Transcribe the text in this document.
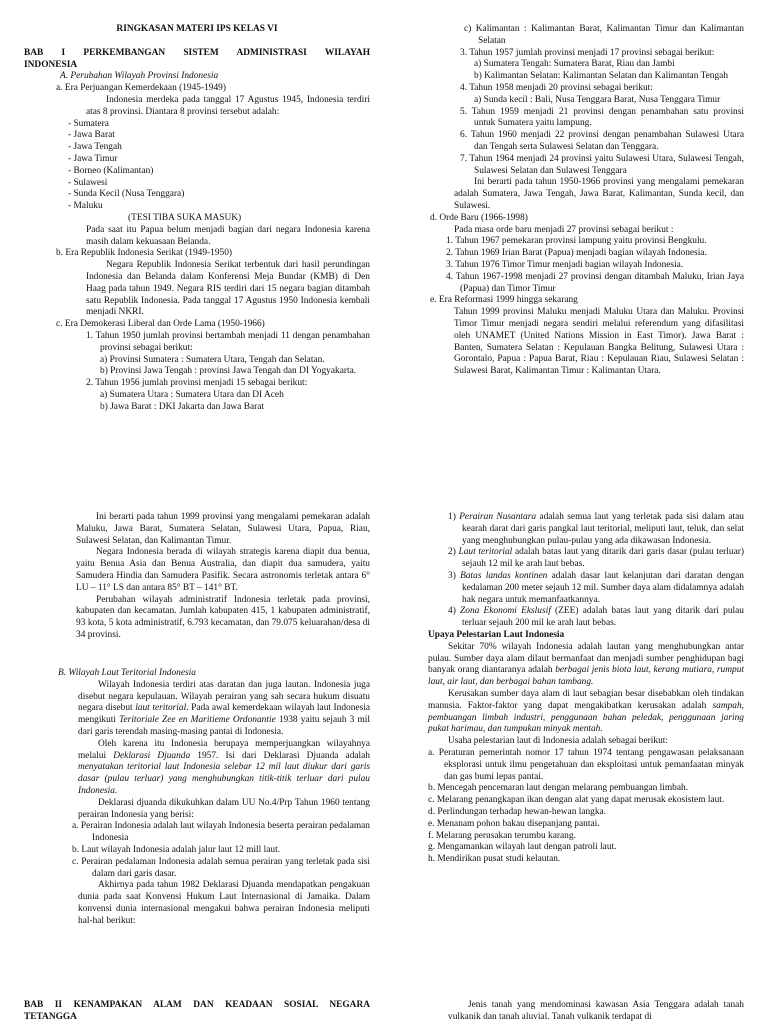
RINGKASAN MATERI IPS KELAS VI

BAB I PERKEMBANGAN SISTEM ADMINISTRASI WILAYAH

INDONESIA

A. Perubahan Wilayah Provinsi Indonesia

a. Era Perjuangan Kemerdekaan (1945-1949)

Indonesia merdeka pada tanggal 17 Agustus 1945, Indonesia terdiri atas 8 provinsi. Diantara 8 provinsi tersebut adalah:

- Sumatera

- Jawa Barat

- Jawa Tengah

- Jawa Timur

- Borneo (Kalimantan)

- Sulawesi

- Sunda Kecil (Nusa Tenggara)

- Maluku

(TESI TIBA SUKA MASUK)

Pada saat itu Papua belum menjadi bagian dari negara Indonesia karena masih dalam kekuasaan Belanda.

b. Era Republik Indonesia Serikat (1949-1950)

Negara Republik Indonesia Serikat terbentuk dari hasil perundingan Indonesia dan Belanda dalam Konferensi Meja Bundar (KMB) di Den Haag pada tahun 1949. Negara RIS terdiri dari 15 negara bagian ditambah satu Republik Indonesia. Pada tanggal 17 Agustus 1950 Indonesia kembali menjadi NKRI.

c. Era Demokerasi Liberal dan Orde Lama (1950-1966)

1. Tahun 1950 jumlah provinsi bertambah menjadi 11 dengan penambahan provinsi sebagai berikut:

a) Provinsi Sumatera : Sumatera Utara, Tengah dan Selatan.

b) Provinsi Jawa Tengah : provinsi Jawa Tengah dan DI Yogyakarta.

2. Tahun 1956 jumlah provinsi menjadi 15 sebagai berikut:

a) Sumatera Utara : Sumatera Utara dan DI Aceh

b) Jawa Barat : DKI Jakarta dan Jawa Barat

c) Kalimantan : Kalimantan Barat, Kalimantan Timur dan Kalimantan Selatan

3. Tahun 1957 jumlah provinsi menjadi 17 provinsi sebagai berikut:

a) Sumatera Tengah: Sumatera Barat, Riau dan Jambi

b) Kalimantan Selatan: Kalimantan Selatan dan Kalimantan Tengah

4. Tahun 1958 menjadi 20 provinsi sebagai berikut:

a) Sunda kecil : Bali, Nusa Tenggara Barat, Nusa Tenggara Timur

5. Tahun 1959 menjadi 21 provinsi dengan penambahan satu provinsi untuk Sumatera yaitu lampung.

6. Tahun 1960 menjadi 22 provinsi dengan penambahan Sulawesi Utara dan Tengah serta Sulawesi Selatan dan Tenggara.

7. Tahun 1964 menjadi 24 provinsi yaitu Sulawesi Utara, Sulawesi Tengah, Sulawesi Selatan dan Sulawesi Tenggara

Ini berarti pada tahun 1950-1966 provinsi yang mengalami pemekaran adalah Sumatera, Jawa Tengah, Jawa Barat, Kalimantan, Sunda kecil, dan Sulawesi.

d. Orde Baru (1966-1998)

Pada masa orde baru menjadi 27 provinsi sebagai berikut :

1. Tahun 1967 pemekaran provinsi lampung yaitu provinsi Bengkulu.

2. Tahun 1969 Irian Barat (Papua) menjadi bagian wilayah Indonesia.

3. Tahun 1976 Timor Timur menjadi bagian wilayah Indonesia.

4. Tahun 1967-1998 menjadi 27 provinsi dengan ditambah Maluku, Irian Jaya (Papua) dan Timor Timur

e. Era Reformasi 1999 hingga sekarang

Tahun 1999 provinsi Maluku menjadi Maluku Utara dan Maluku. Provinsi Timor Timur menjadi negara sendiri melalui referendum yang difasilitasi oleh UNAMET (United Nations Mission in East Timor). Jawa Barat : Banten, Sumatera Selatan : Kepulauan Bangka Belitung, Sulawesi Utara : Gorontalo, Papua : Papua Barat, Riau : Kepulauan Riau, Sulawesi Selatan : Sulawesi Barat, Kalimantan Timur : Kalimantan Utara.

Ini berarti pada tahun 1999 provinsi yang mengalami pemekaran adalah Maluku, Jawa Barat, Sumatera Selatan, Sulawesi Utara, Papua, Riau, Sulawesi Selatan, dan Kalimantan Timur.

Negara Indonesia berada di wilayah strategis karena diapit dua benua, yaitu Benua Asia dan Benua Australia, dan diapit dua samudera, yaitu Samudera Hindia dan Samudera Pasifik. Secara astronomis terletak antara 6° LU – 11° LS dan antara 85° BT – 141° BT.

Perubahan wilayah administratif Indonesia terletak pada provinsi, kabupaten dan kecamatan. Jumlah kabupaten 415, 1 kabupaten administratif, 93 kota, 5 kota administratif, 6.793 kecamatan, dan 79.075 keluarahan/desa di 34 provinsi.

B. Wilayah Laut Teritorial Indonesia

Wilayah Indonesia terdiri atas daratan dan juga lautan. Indonesia juga disebut negara kepulauan. Wilayah perairan yang sah secara hukum disuatu negara disebut laut teritorial. Pada awal kemerdekaan wilayah laut Indonesia mengikuti Teritoriale Zee en Maritieme Ordonantie 1938 yaitu sejauh 3 mil dari garis terendah masing-masing pantai di Indonesia.

Oleh karena itu Indonesia berupaya memperjuangkan wilayahnya melalui Deklarasi Djuanda 1957. Isi dari Deklarasi Djuanda adalah menyatakan teritorial laut Indonesia selebar 12 mil laut diukur dari garis dasar (pulau terluar) yang menghubungkan titik-titik terluar dari pulau Indonesia.

Deklarasi djuanda dikukuhkan dalam UU No.4/Prp Tahun 1960 tentang perairan Indonesia yang berisi:

a. Perairan Indonesia adalah laut wilayah Indonesia beserta perairan pedalaman Indonesia

b. Laut wilayah Indonesia adalah jalur laut 12 mill laut.

c. Perairan pedalaman Indonesia adalah semua perairan yang terletak pada sisi dalam dari garis dasar.

Akhirnya pada tahun 1982 Deklarasi Djuanda mendapatkan pengakuan dunia pada saat Konvensi Hukum Laut Internasional di Jamaika. Dalam konvensi dunia internasional mengakui bahwa perairan Indonesia meliputi hal-hal berikut:

1) Perairan Nusantara adalah semua laut yang terletak pada sisi dalam atau kearah darat dari garis pangkal laut teritorial, meliputi laut, teluk, dan selat yang menghubungkan pulau-pulau yang ada dikawasan Indonesia.

2) Laut teritorial adalah batas laut yang ditarik dari garis dasar (pulau terluar) sejauh 12 mil ke arah laut bebas.

3) Batas landas kontinen adalah dasar laut kelanjutan dari daratan dengan kedalaman 200 meter sejauh 12 mil. Sumber daya alam didalamnya adalah hak negara untuk memanfaatkannya.

4) Zona Ekonomi Ekslusif (ZEE) adalah batas laut yang ditarik dari pulau terluar sejauh 200 mil ke arah laut bebas.

Upaya Pelestarian Laut Indonesia

Sekitar 70% wilayah Indonesia adalah lautan yang menghubungkan antar pulau. Sumber daya alam dilaut bermanfaat dan menjadi sumber penghidupan bagi banyak orang diantaranya adalah berbagai jenis biota laut, kerang mutiara, rumput laut, air laut, dan berbagai bahan tambang.

Kerusakan sumber daya alam di laut sebagian besar disebabkan oleh tindakan manusia. Faktor-faktor yang dapat mengakibatkan kerusakan adalah sampah, pembuangan limbah industri, penggunaan bahan peledak, penggunaan jaring pukat harimau, dan tumpukan minyak mentah.

Usaha pelestarian laut di Indonesia adalah sebagai berikut:

a. Peraturan pemerintah nomor 17 tahun 1974 tentang pengawasan pelaksanaan eksplorasi untuk ilmu pengetahuan dan eksploitasi untuk pemanfaatan minyak dan gas bumi lepas pantai.

b. Mencegah pencemaran laut dengan melarang pembuangan limbah.

c. Melarang penangkapan ikan dengan alat yang dapat merusak ekosistem laut.

d. Perlindungan terhadap hewan-hewan langka.

e. Menanam pohon bakau disepanjang pantai.

f. Melarang perusakan terumbu karang.

g. Mengamankan wilayah laut dengan patroli laut.

h. Mendirikan pusat studi kelautan.

BAB II KENAMPAKAN ALAM DAN KEADAAN SOSIAL NEGARA

TETANGGA

Jenis tanah yang mendominasi kawasan Asia Tenggara adalah tanah vulkanik dan tanah aluvial. Tanah vulkanik terdapat di
